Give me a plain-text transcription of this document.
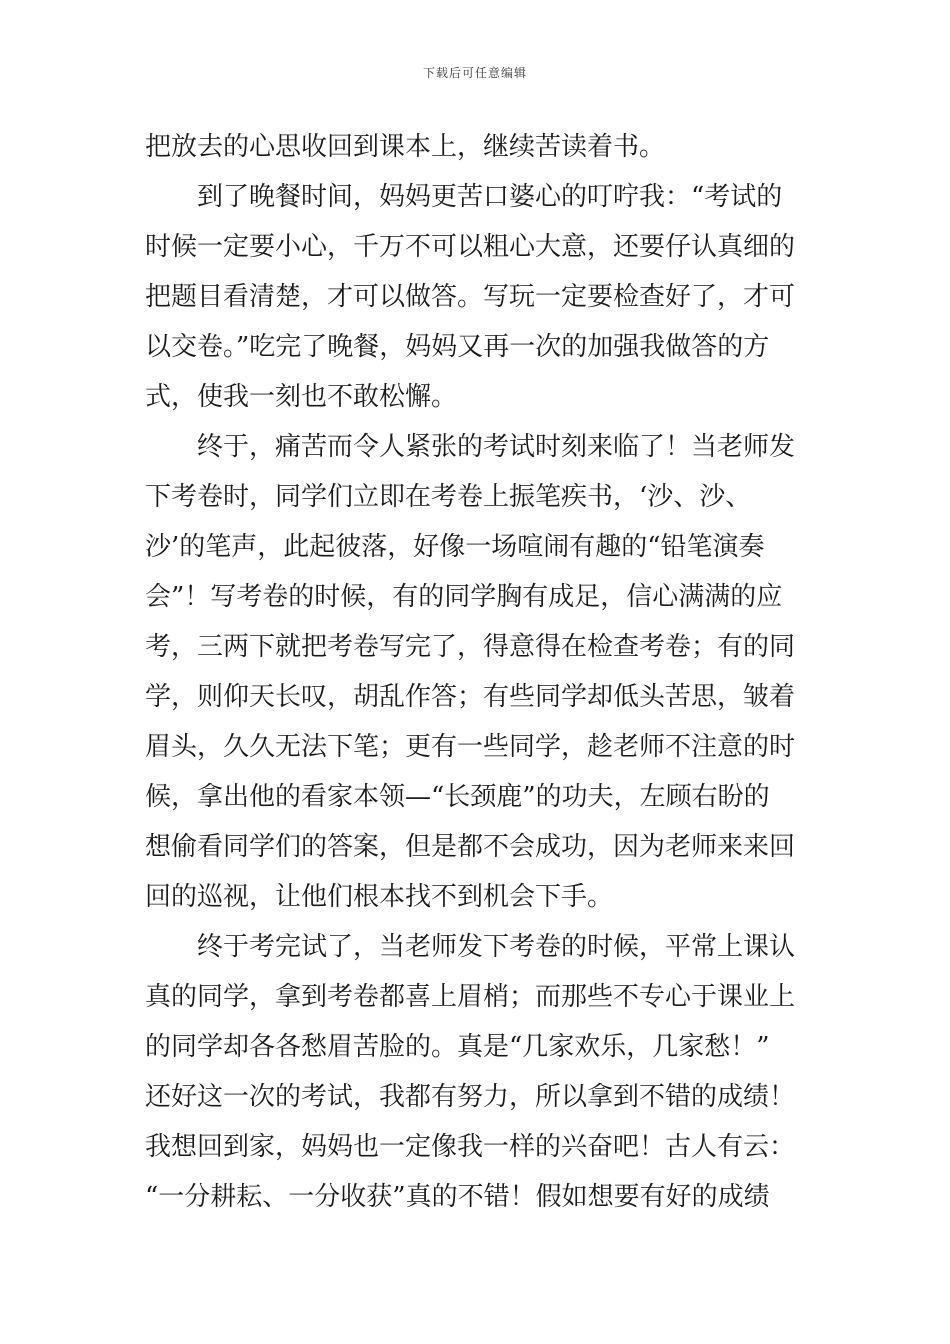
下载后可任意编辑
把放去的心思收回到课本上，继续苦读着书。
到了晚餐时间，妈妈更苦口婆心的叮咛我：“考试的
时候一定要小心，千万不可以粗心大意，还要仔认真细的
把题目看清楚，才可以做答。写玩一定要检查好了，才可
以交卷。”吃完了晚餐，妈妈又再一次的加强我做答的方
式，使我一刻也不敢松懈。
终于，痛苦而令人紧张的考试时刻来临了！当老师发
下考卷时，同学们立即在考卷上振笔疾书，‘沙、沙、
沙’的笔声，此起彼落，好像一场喧闹有趣的“铅笔演奏
会”！写考卷的时候，有的同学胸有成足，信心满满的应
考，三两下就把考卷写完了，得意得在检查考卷；有的同
学，则仰天长叹，胡乱作答；有些同学却低头苦思，皱着
眉头，久久无法下笔；更有一些同学，趁老师不注意的时
候，拿出他的看家本领—“长颈鹿”的功夫，左顾右盼的
想偷看同学们的答案，但是都不会成功，因为老师来来回
回的巡视，让他们根本找不到机会下手。
终于考完试了，当老师发下考卷的时候，平常上课认
真的同学，拿到考卷都喜上眉梢；而那些不专心于课业上
的同学却各各愁眉苦脸的。真是“几家欢乐，几家愁！”
还好这一次的考试，我都有努力，所以拿到不错的成绩！
我想回到家，妈妈也一定像我一样的兴奋吧！古人有云：
“一分耕耘、一分收获”真的不错！假如想要有好的成绩
